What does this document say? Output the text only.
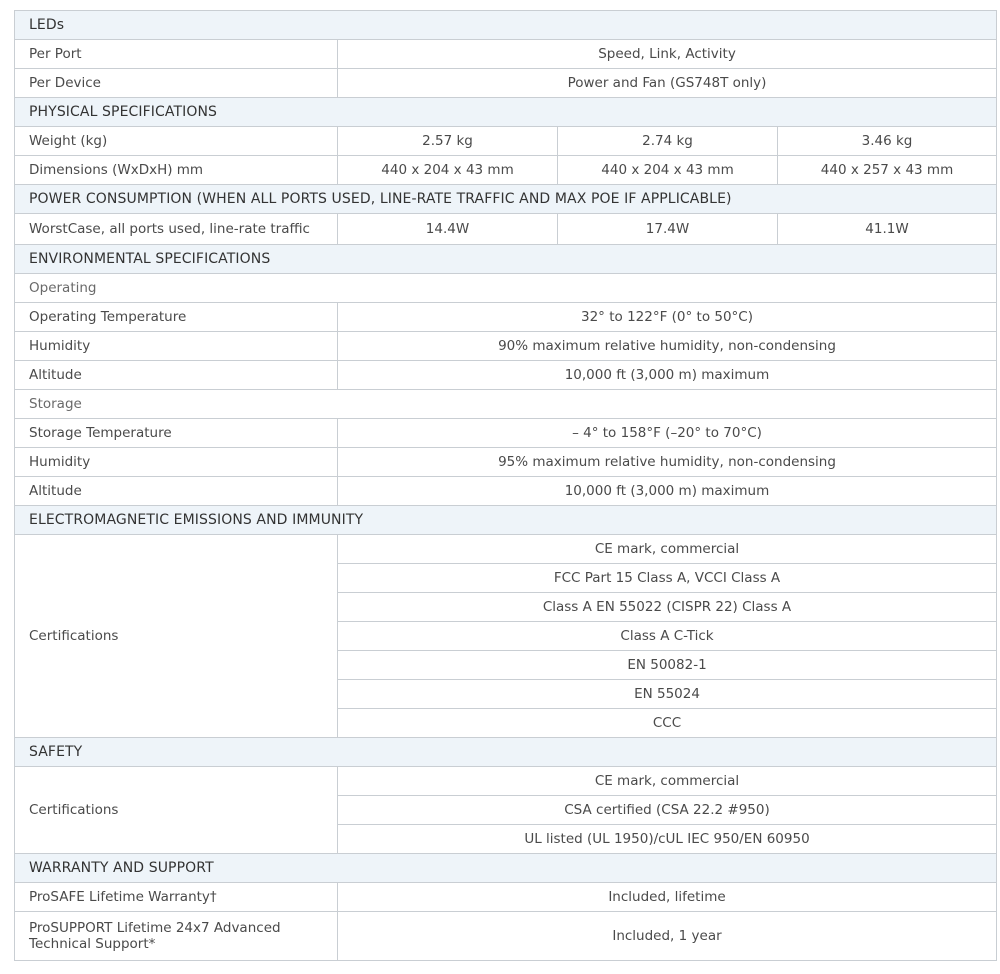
LEDs			
Per Port	Speed, Link, Activity		
Per Device	Power and Fan (GS748T only)		
PHYSICAL SPECIFICATIONS			
Weight (kg)	2.57 kg	2.74 kg	3.46 kg
Dimensions (WxDxH) mm	440 x 204 x 43 mm	440 x 204 x 43 mm	440 x 257 x 43 mm
POWER CONSUMPTION (WHEN ALL PORTS USED, LINE-RATE TRAFFIC AND MAX POE IF APPLICABLE)			
WorstCase, all ports used, line-rate traffic	14.4W	17.4W	41.1W
ENVIRONMENTAL SPECIFICATIONS			
Operating			
Operating Temperature	32° to 122°F (0° to 50°C)		
Humidity	90% maximum relative humidity, non-condensing		
Altitude	10,000 ft (3,000 m) maximum		
Storage			
Storage Temperature	– 4° to 158°F (–20° to 70°C)		
Humidity	95% maximum relative humidity, non-condensing		
Altitude	10,000 ft (3,000 m) maximum		
ELECTROMAGNETIC EMISSIONS AND IMMUNITY			
Certifications	CE mark, commercial		
	FCC Part 15 Class A, VCCI Class A		
	Class A EN 55022 (CISPR 22) Class A		
	Class A C-Tick		
	EN 50082-1		
	EN 55024		
	CCC		
SAFETY			
Certifications	CE mark, commercial		
	CSA certified (CSA 22.2 #950)		
	UL listed (UL 1950)/cUL IEC 950/EN 60950		
WARRANTY AND SUPPORT			
ProSAFE Lifetime Warranty†	Included, lifetime		
ProSUPPORT Lifetime 24x7 Advanced Technical Support*	Included, 1 year		
